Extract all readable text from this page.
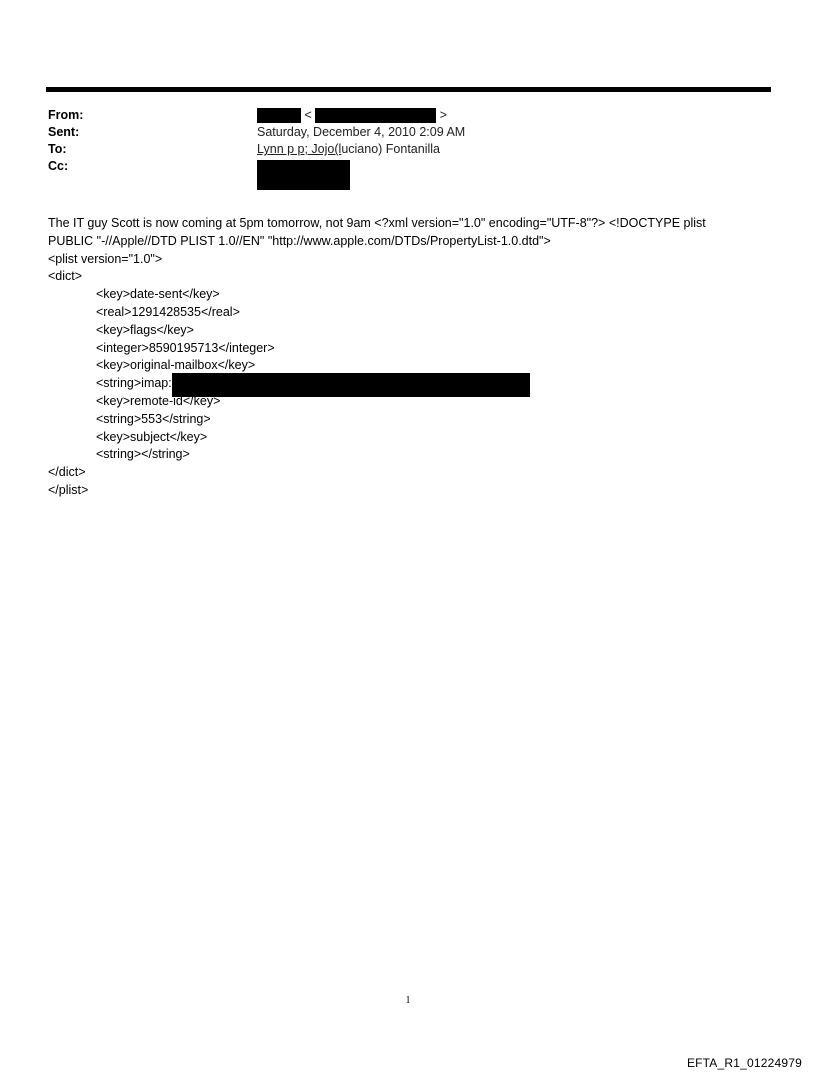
From:	<	>
Sent:	Saturday, December 4, 2010 2:09 AM
To:	Lynn p p; Jojo(luciano) Fontanilla
Cc:
The IT guy Scott is now coming at 5pm tomorrow, not 9am <?xml version="1.0" encoding="UTF-8"?> <!DOCTYPE plist
PUBLIC "-//Apple//DTD PLIST 1.0//EN" "http://www.apple.com/DTDs/PropertyList-1.0.dtd">
<plist version="1.0">
<dict>
<key>date-sent</key>
<real>1291428535</real>
<key>flags</key>
<integer>8590195713</integer>
<key>original-mailbox</key>
<string>imap:
<key>remote-id</key>
<string>553</string>
<key>subject</key>
<string></string>
</dict>
</plist>
1
EFTA_R1_01224979
